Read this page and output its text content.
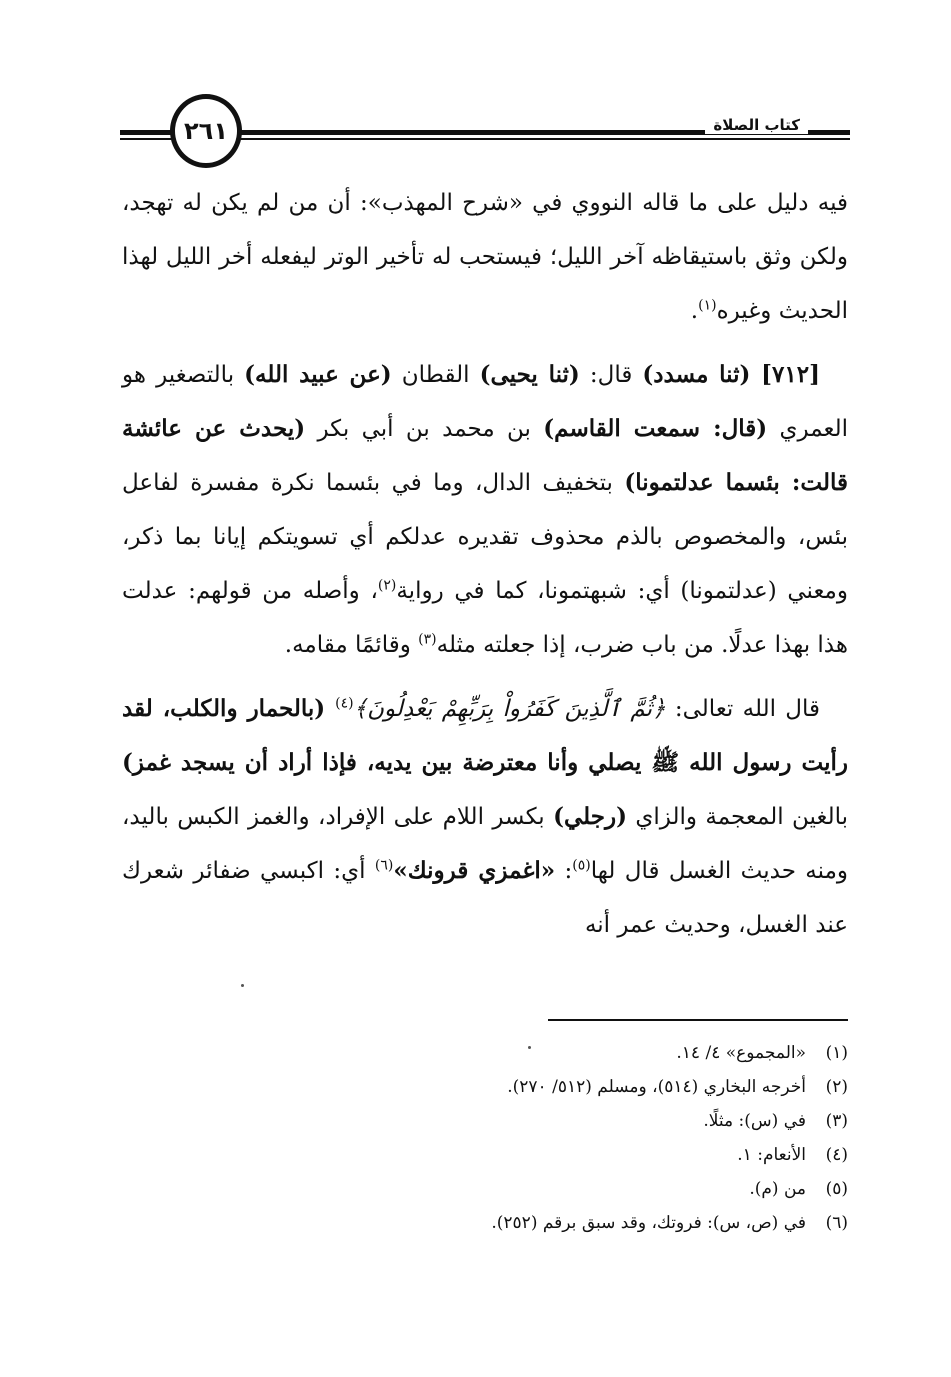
٢٦١	كتاب الصلاة

فيه دليل على ما قاله النووي في «شرح المهذب»: أن من لم يكن له تهجد، ولكن وثق باستيقاظه آخر الليل؛ فيستحب له تأخير الوتر ليفعله أخر الليل لهذا الحديث وغيره$^{(١)}$.

[٧١٢] (ثنا مسدد) قال: (ثنا يحيى) القطان (عن عبيد الله) بالتصغير هو العمري (قال: سمعت القاسم) بن محمد بن أبي بكر (يحدث عن عائشة قالت: بئسما عدلتمونا) بتخفيف الدال، وما في بئسما نكرة مفسرة لفاعل بئس، والمخصوص بالذم محذوف تقديره عدلكم أي تسويتكم إيانا بما ذكر، ومعني (عدلتمونا) أي: شبهتمونا، كما في رواية$^{(٢)}$، وأصله من قولهم: عدلت هذا بهذا عدلًا. من باب ضرب، إذا جعلته مثله$^{(٣)}$ وقائمًا مقامه.

قال الله تعالى: ﴿ثُمَّ ٱلَّذِينَ كَفَرُواْ بِرَبِّهِمْ يَعْدِلُونَ﴾$^{(٤)}$ (بالحمار والكلب، لقد رأيت رسول الله ﷺ يصلي وأنا معترضة بين يديه، فإذا أراد أن يسجد غمز) بالغين المعجمة والزاي (رجلي) بكسر اللام على الإفراد، والغمز الكبس باليد، ومنه حديث الغسل قال لها$^{(٥)}$: «اغمزي قرونك»$^{(٦)}$ أي: اكبسي ضفائر شعرك عند الغسل، وحديث عمر أنه

(١)
«المجموع» ٤/ ١٤.
(٢)
أخرجه البخاري (٥١٤)، ومسلم (٥١٢/ ٢٧٠).
(٣)
في (س): مثلًا.
(٤)
الأنعام: ١.
(٥)
من (م).
(٦)
في (ص، س): فروتك، وقد سبق برقم (٢٥٢).
